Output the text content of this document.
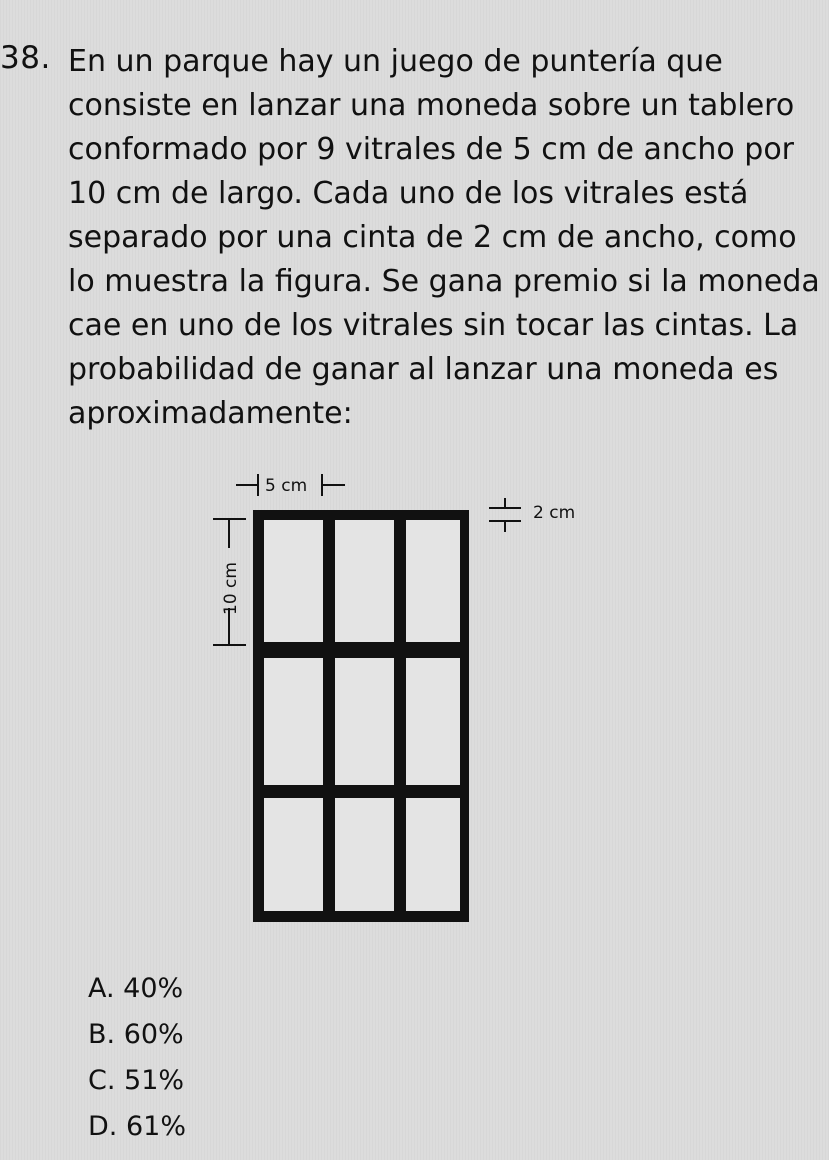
38. En un parque hay un juego de puntería que
consiste en lanzar una moneda sobre un tablero
conformado por 9 vitrales de 5 cm de ancho por
10 cm de largo. Cada uno de los vitrales está
separado por una cinta de 2 cm de ancho, como
lo muestra la figura. Se gana premio si la moneda
cae en uno de los vitrales sin tocar las cintas. La
probabilidad de ganar al lanzar una moneda es
aproximadamente:
5 cm
2 cm
10 cm
A. 40%
B. 60%
C. 51%
D. 61%
